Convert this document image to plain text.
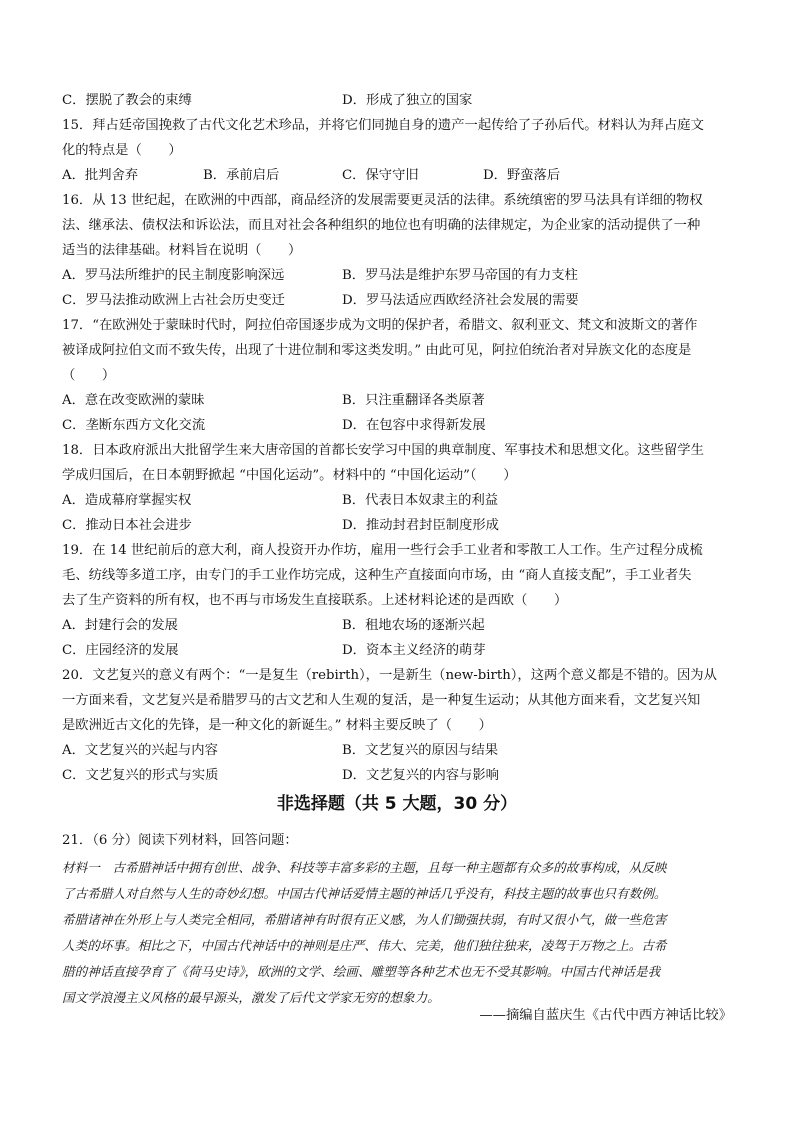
C．摆脱了教会的束缚	D．形成了独立的国家
15．拜占廷帝国挽救了古代文化艺术珍品，并将它们同抛自身的遗产一起传给了子孙后代。材料认为拜占庭文
化的特点是（　　）
A．批判舍弃	B．承前启后	C．保守守旧	D．野蛮落后
16．从 13 世纪起，在欧洲的中西部，商品经济的发展需要更灵活的法律。系统缜密的罗马法具有详细的物权
法、继承法、债权法和诉讼法，而且对社会各种组织的地位也有明确的法律规定，为企业家的活动提供了一种
适当的法律基础。材料旨在说明（　　）
A．罗马法所维护的民主制度影响深远	B．罗马法是维护东罗马帝国的有力支柱
C．罗马法推动欧洲上古社会历史变迁	D．罗马法适应西欧经济社会发展的需要
17．“在欧洲处于蒙昧时代时，阿拉伯帝国逐步成为文明的保护者，希腊文、叙利亚文、梵文和波斯文的著作
被译成阿拉伯文而不致失传，出现了十进位制和零这类发明。” 由此可见，阿拉伯统治者对异族文化的态度是
（　　）
A．意在改变欧洲的蒙昧	B．只注重翻译各类原著
C．垄断东西方文化交流	D．在包容中求得新发展
18．日本政府派出大批留学生来大唐帝国的首都长安学习中国的典章制度、军事技术和思想文化。这些留学生
学成归国后，在日本朝野掀起 “中国化运动”。材料中的 “中国化运动”（　　）
A．造成幕府掌握实权	B．代表日本奴隶主的利益
C．推动日本社会进步	D．推动封君封臣制度形成
19．在 14 世纪前后的意大利，商人投资开办作坊，雇用一些行会手工业者和零散工人工作。生产过程分成梳
毛、纺线等多道工序，由专门的手工业作坊完成，这种生产直接面向市场，由 “商人直接支配”，手工业者失
去了生产资料的所有权，也不再与市场发生直接联系。上述材料论述的是西欧（　　）
A．封建行会的发展	B．租地农场的逐渐兴起
C．庄园经济的发展	D．资本主义经济的萌芽
20．文艺复兴的意义有两个：“一是复生（rebirth），一是新生（new-birth），这两个意义都是不错的。因为从
一方面来看，文艺复兴是希腊罗马的古文艺和人生观的复活，是一种复生运动；从其他方面来看，文艺复兴知
是欧洲近古文化的先锋，是一种文化的新诞生。” 材料主要反映了（　　）
A．文艺复兴的兴起与内容	B．文艺复兴的原因与结果
C．文艺复兴的形式与实质	D．文艺复兴的内容与影响
非选择题（共 5 大题，30 分）
21．（6 分）阅读下列材料，回答问题：
材料一　古希腊神话中拥有创世、战争、科技等丰富多彩的主题，且每一种主题都有众多的故事构成，从反映
了古希腊人对自然与人生的奇妙幻想。中国古代神话爱情主题的神话几乎没有，科技主题的故事也只有数例。
希腊诸神在外形上与人类完全相同，希腊诸神有时很有正义感，为人们锄强扶弱，有时又很小气，做一些危害
人类的坏事。相比之下，中国古代神话中的神则是庄严、伟大、完美，他们独往独来，凌驾于万物之上。古希
腊的神话直接孕育了《荷马史诗》，欧洲的文学、绘画、雕塑等各种艺术也无不受其影响。中国古代神话是我
国文学浪漫主义风格的最早源头，激发了后代文学家无穷的想象力。
——摘编自蓝庆生《古代中西方神话比较》
